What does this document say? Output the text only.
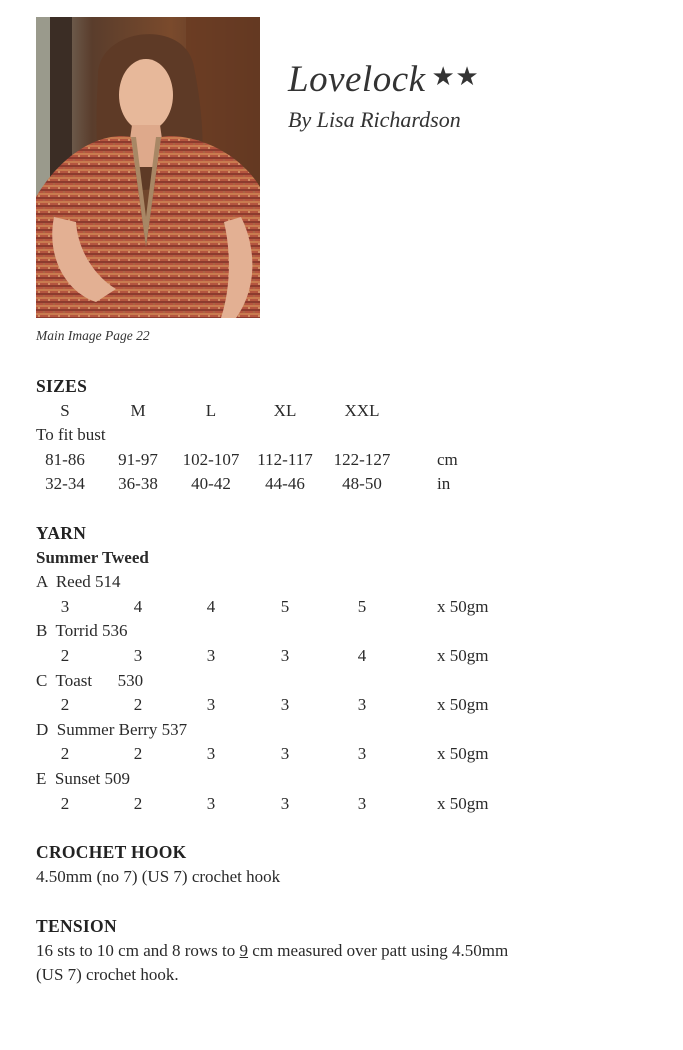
Lovelock ★★
By Lisa Richardson
Main Image Page 22
SIZES
S	M	L	XL	XXL
To fit bust
81-86 91-97 102-107 112-117 122-127	cm
32-34 36-38 40-42 44-46 48-50	in
YARN
Summer Tweed
A  Reed 514
3	4	4	5	5	x 50gm
B  Torrid 536
2	3	3	3	4	x 50gm
C  Toast      530
2	2	3	3	3	x 50gm
D  Summer Berry 537
2	2	3	3	3	x 50gm
E  Sunset 509
2	2	3	3	3	x 50gm
CROCHET HOOK
4.50mm (no 7) (US 7) crochet hook
TENSION
16 sts to 10 cm and 8 rows to 9 cm measured over patt using 4.50mm
(US 7) crochet hook.
